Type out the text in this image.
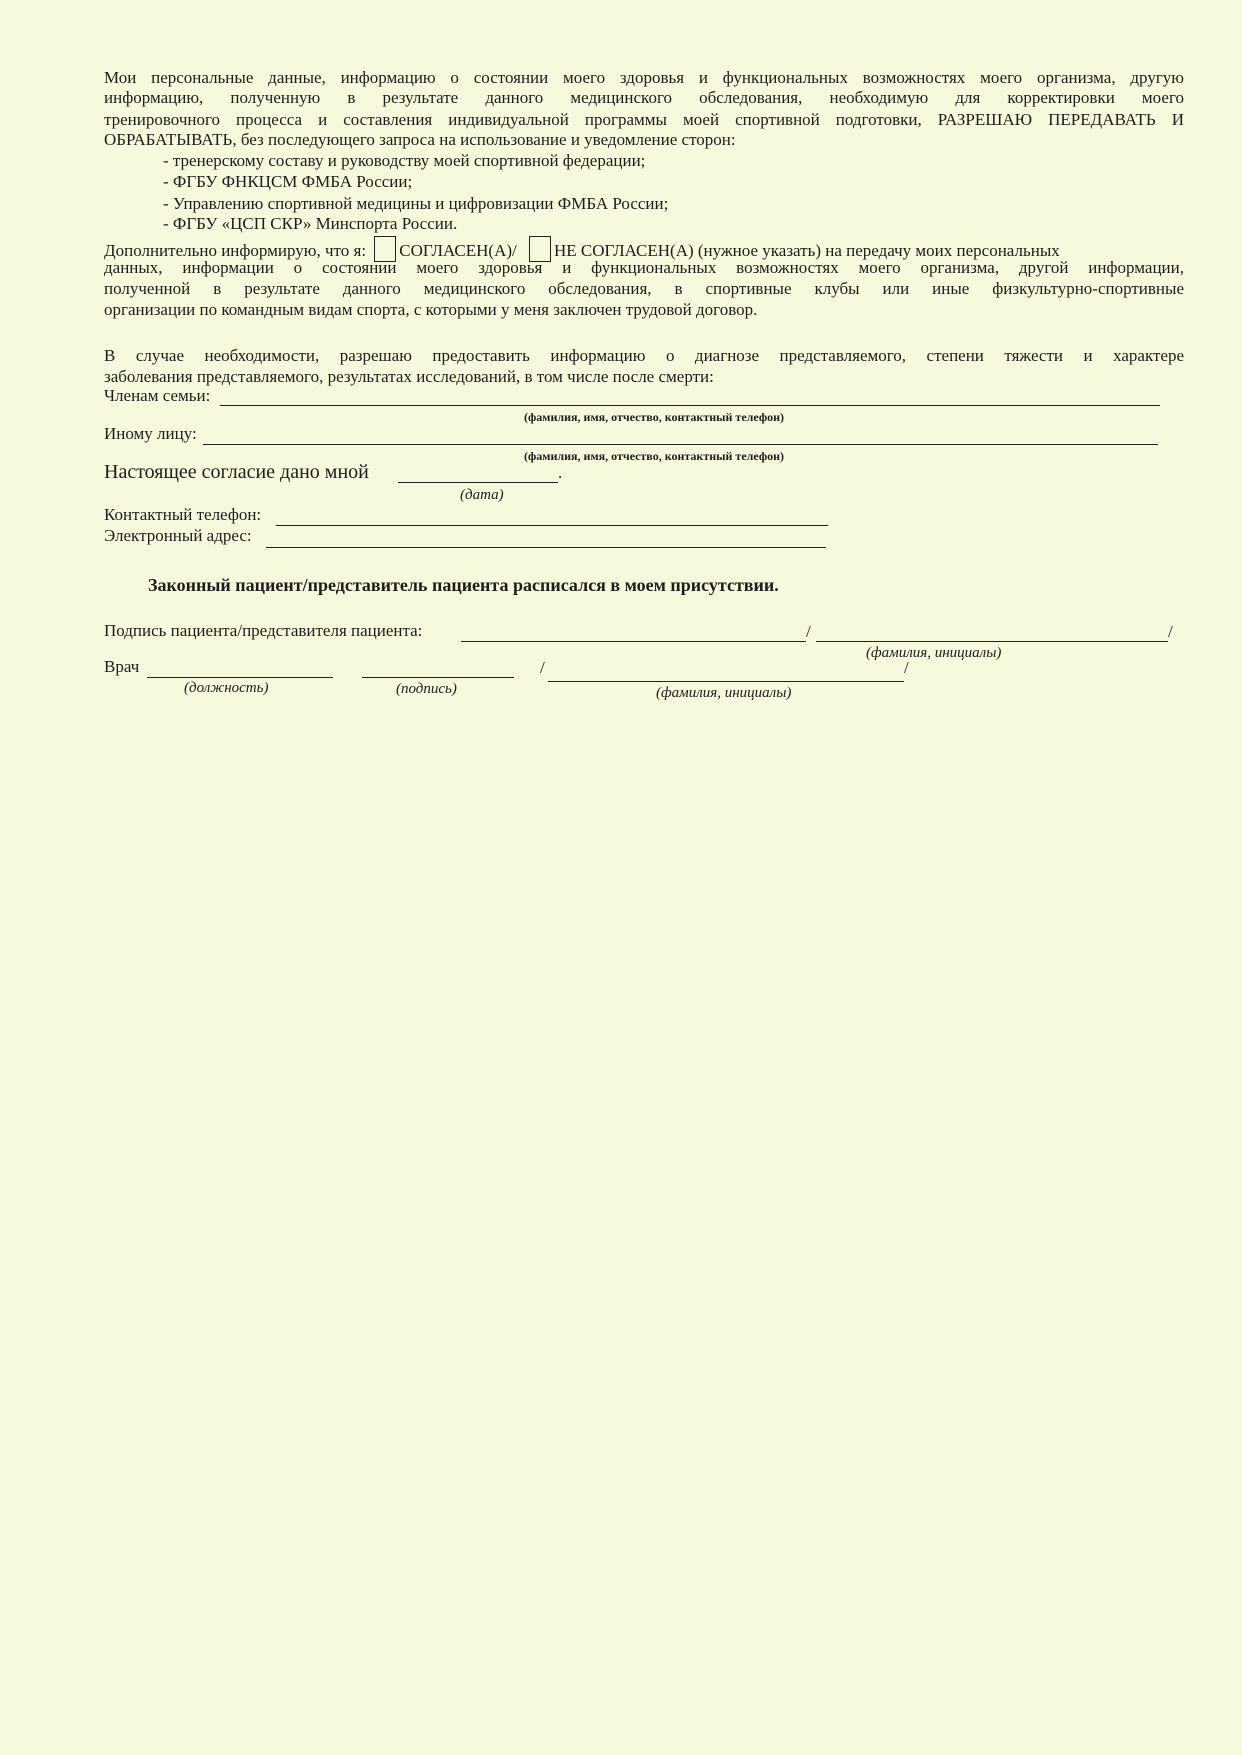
Мои персональные данные, информацию о состоянии моего здоровья и функциональных возможностях моего организма, другую
информацию, полученную в результате данного медицинского обследования, необходимую для корректировки моего
тренировочного процесса и составления индивидуальной программы моей спортивной подготовки, РАЗРЕШАЮ ПЕРЕДАВАТЬ И
ОБРАБАТЫВАТЬ, без последующего запроса на использование и уведомление сторон:
- тренерскому составу и руководству моей спортивной федерации;
- ФГБУ ФНКЦСМ ФМБА России;
- Управлению спортивной медицины и цифровизации ФМБА России;
- ФГБУ «ЦСП СКР» Минспорта России.
Дополнительно информирую, что я: СОГЛАСЕН(А)/ НЕ СОГЛАСЕН(А) (нужное указать) на передачу моих персональных
данных, информации о состоянии моего здоровья и функциональных возможностях моего организма, другой информации,
полученной в результате данного медицинского обследования, в спортивные клубы или иные физкультурно-спортивные
организации по командным видам спорта, с которыми у меня заключен трудовой договор.
В случае необходимости, разрешаю предоставить информацию о диагнозе представляемого, степени тяжести и характере
заболевания представляемого, результатах исследований, в том числе после смерти:
Членам семьи:
(фамилия, имя, отчество, контактный телефон)
Иному лицу:
(фамилия, имя, отчество, контактный телефон)
Настоящее согласие дано мной	.
(дата)
Контактный телефон:
Электронный адрес:
Законный пациент/представитель пациента расписался в моем присутствии.
Подпись пациента/представителя пациента:	/	/
(фамилия, инициалы)
Врач	/	/
(должность)	(подпись)	(фамилия, инициалы)
